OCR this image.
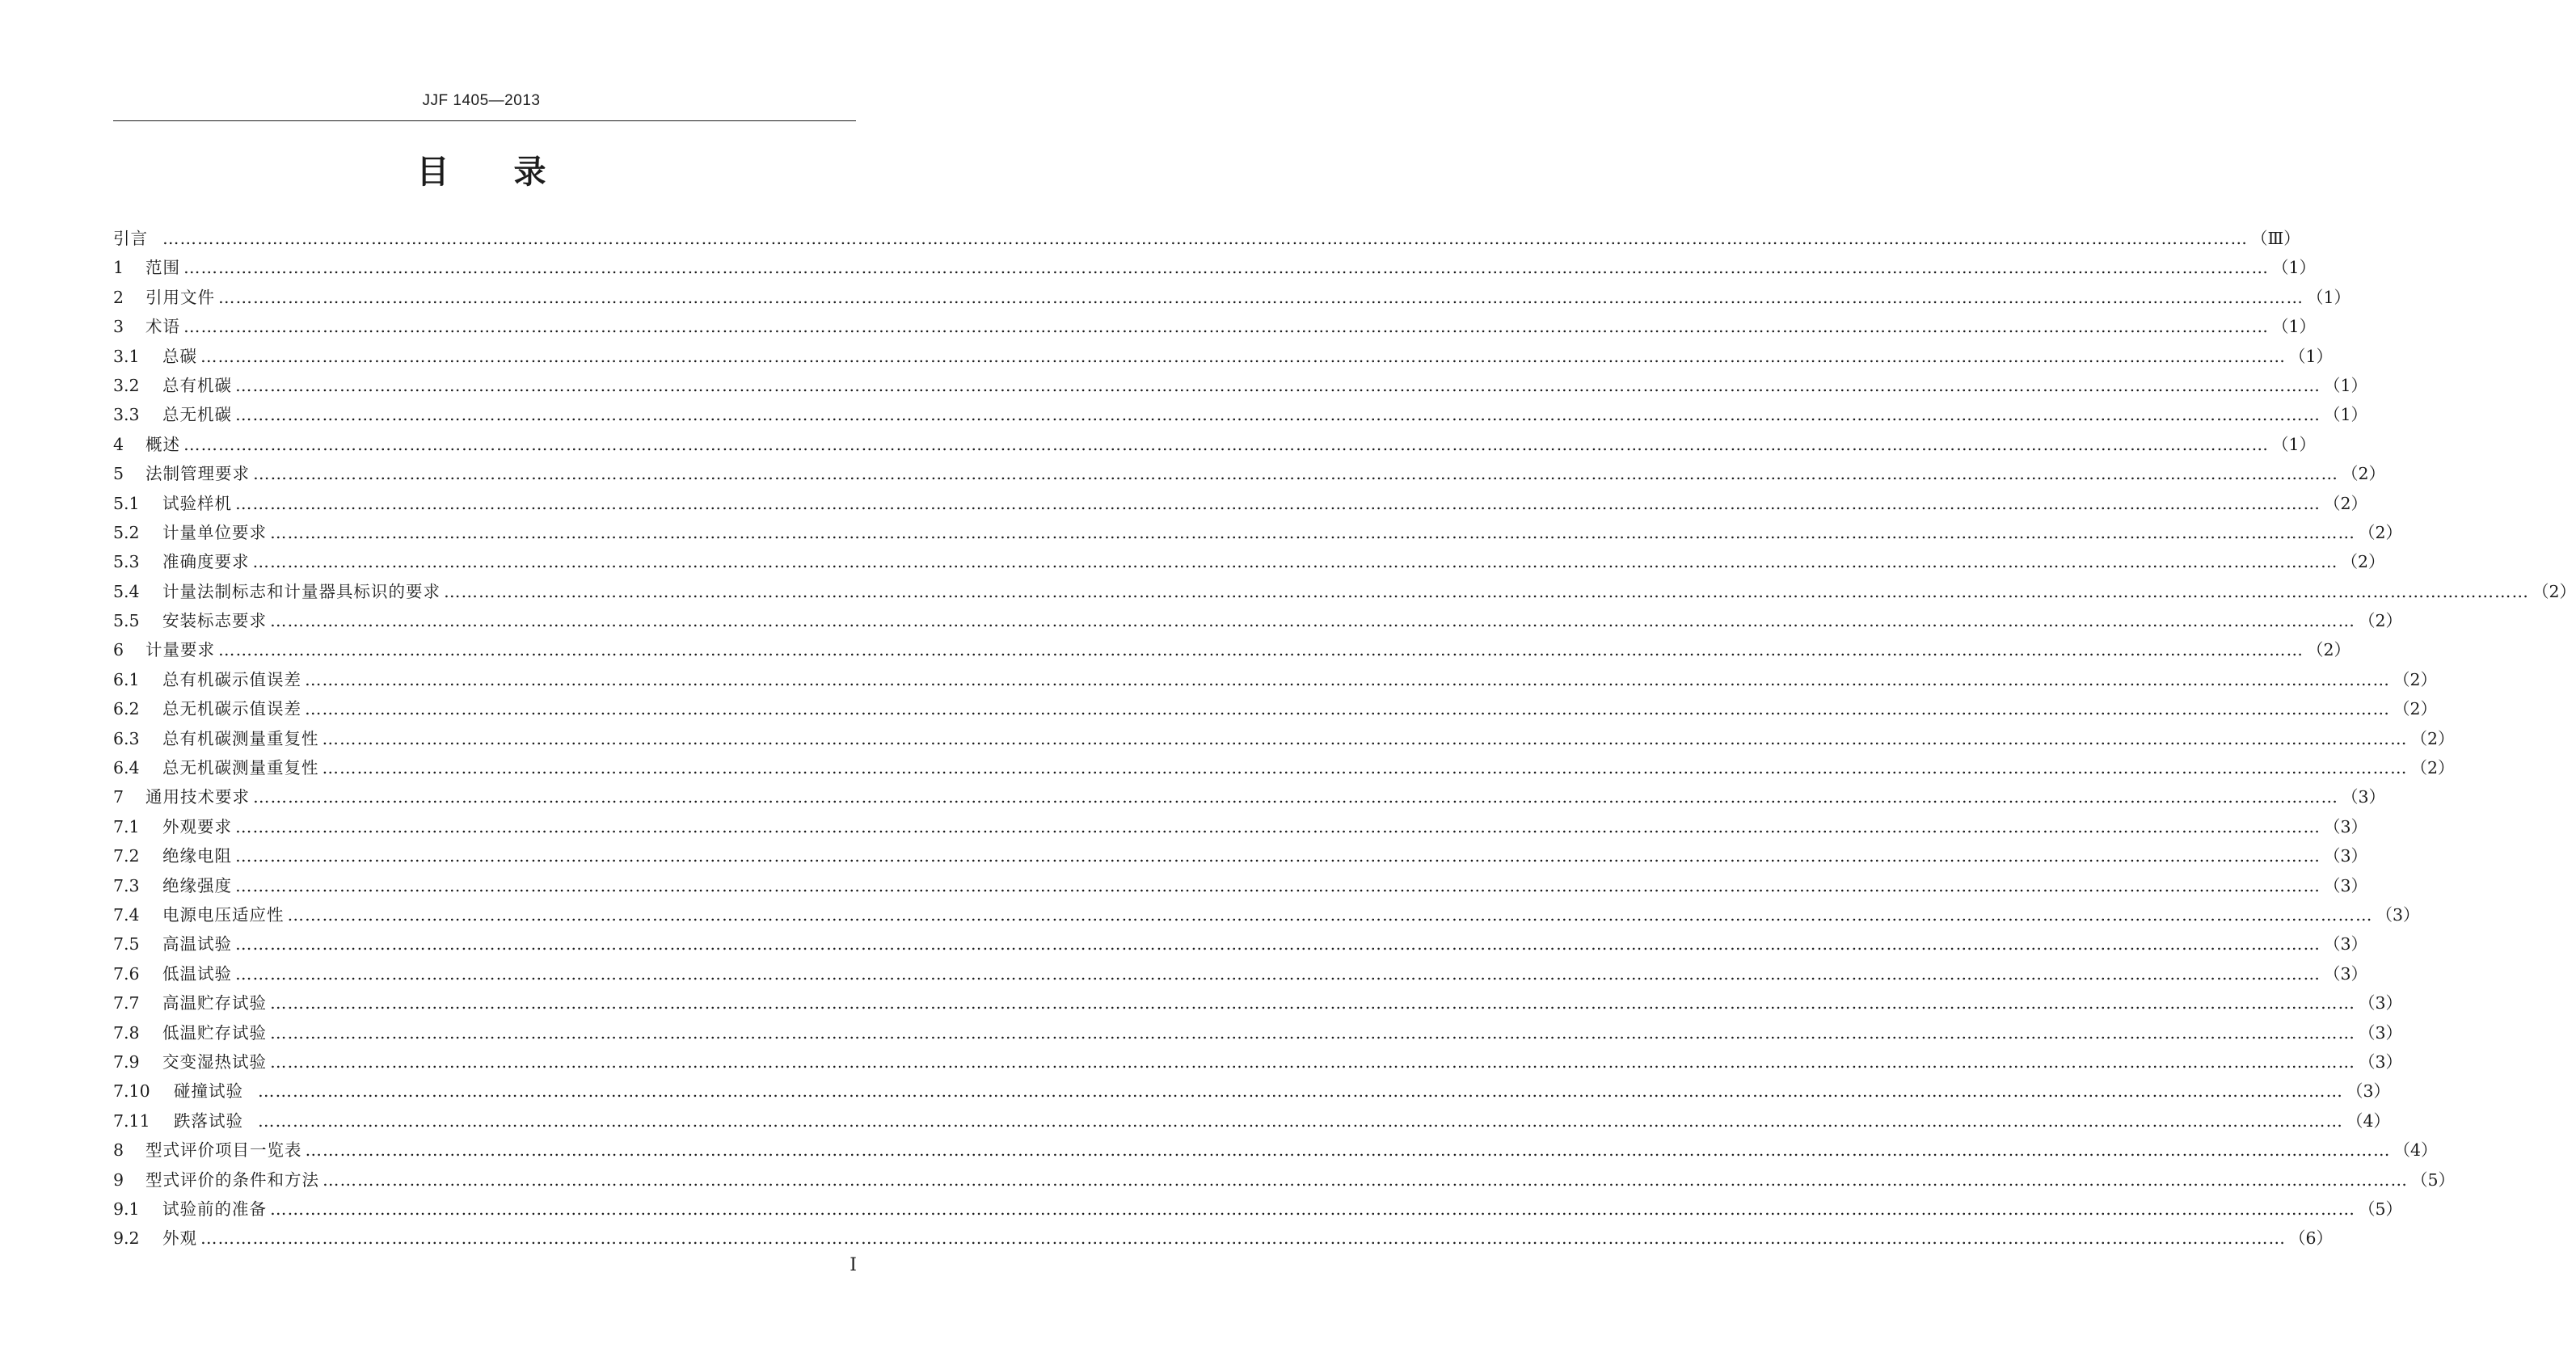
JJF 1405—2013
目　　录
引言 ……………………………………………………………………………………………………………………………………………………………………………………………………………………………………………………………………………………………………………………………… （Ⅲ）
1	范围 ……………………………………………………………………………………………………………………………………………………………………………………………………………………………………………………………………………………………………………………………… （1）
2	引用文件 ……………………………………………………………………………………………………………………………………………………………………………………………………………………………………………………………………………………………………………………………… （1）
3	术语 ……………………………………………………………………………………………………………………………………………………………………………………………………………………………………………………………………………………………………………………………… （1）
3.1	总碳 ……………………………………………………………………………………………………………………………………………………………………………………………………………………………………………………………………………………………………………………………… （1）
3.2	总有机碳 ……………………………………………………………………………………………………………………………………………………………………………………………………………………………………………………………………………………………………………………………… （1）
3.3	总无机碳 ……………………………………………………………………………………………………………………………………………………………………………………………………………………………………………………………………………………………………………………………… （1）
4	概述 ……………………………………………………………………………………………………………………………………………………………………………………………………………………………………………………………………………………………………………………………… （1）
5	法制管理要求 ……………………………………………………………………………………………………………………………………………………………………………………………………………………………………………………………………………………………………………………………… （2）
5.1	试验样机 ……………………………………………………………………………………………………………………………………………………………………………………………………………………………………………………………………………………………………………………………… （2）
5.2	计量单位要求 ……………………………………………………………………………………………………………………………………………………………………………………………………………………………………………………………………………………………………………………………… （2）
5.3	准确度要求 ……………………………………………………………………………………………………………………………………………………………………………………………………………………………………………………………………………………………………………………………… （2）
5.4	计量法制标志和计量器具标识的要求 ……………………………………………………………………………………………………………………………………………………………………………………………………………………………………………………………………………………………………………………………… （2）
5.5	安装标志要求 ……………………………………………………………………………………………………………………………………………………………………………………………………………………………………………………………………………………………………………………………… （2）
6	计量要求 ……………………………………………………………………………………………………………………………………………………………………………………………………………………………………………………………………………………………………………………………… （2）
6.1	总有机碳示值误差 ……………………………………………………………………………………………………………………………………………………………………………………………………………………………………………………………………………………………………………………………… （2）
6.2	总无机碳示值误差 ……………………………………………………………………………………………………………………………………………………………………………………………………………………………………………………………………………………………………………………………… （2）
6.3	总有机碳测量重复性 ……………………………………………………………………………………………………………………………………………………………………………………………………………………………………………………………………………………………………………………………… （2）
6.4	总无机碳测量重复性 ……………………………………………………………………………………………………………………………………………………………………………………………………………………………………………………………………………………………………………………………… （2）
7	通用技术要求 ……………………………………………………………………………………………………………………………………………………………………………………………………………………………………………………………………………………………………………………………… （3）
7.1	外观要求 ……………………………………………………………………………………………………………………………………………………………………………………………………………………………………………………………………………………………………………………………… （3）
7.2	绝缘电阻 ……………………………………………………………………………………………………………………………………………………………………………………………………………………………………………………………………………………………………………………………… （3）
7.3	绝缘强度 ……………………………………………………………………………………………………………………………………………………………………………………………………………………………………………………………………………………………………………………………… （3）
7.4	电源电压适应性 ……………………………………………………………………………………………………………………………………………………………………………………………………………………………………………………………………………………………………………………………… （3）
7.5	高温试验 ……………………………………………………………………………………………………………………………………………………………………………………………………………………………………………………………………………………………………………………………… （3）
7.6	低温试验 ……………………………………………………………………………………………………………………………………………………………………………………………………………………………………………………………………………………………………………………………… （3）
7.7	高温贮存试验 ……………………………………………………………………………………………………………………………………………………………………………………………………………………………………………………………………………………………………………………………… （3）
7.8	低温贮存试验 ……………………………………………………………………………………………………………………………………………………………………………………………………………………………………………………………………………………………………………………………… （3）
7.9	交变湿热试验 ……………………………………………………………………………………………………………………………………………………………………………………………………………………………………………………………………………………………………………………………… （3）
7.10	碰撞试验 ……………………………………………………………………………………………………………………………………………………………………………………………………………………………………………………………………………………………………………………………… （3）
7.11	跌落试验 ……………………………………………………………………………………………………………………………………………………………………………………………………………………………………………………………………………………………………………………………… （4）
8	型式评价项目一览表 ……………………………………………………………………………………………………………………………………………………………………………………………………………………………………………………………………………………………………………………………… （4）
9	型式评价的条件和方法 ……………………………………………………………………………………………………………………………………………………………………………………………………………………………………………………………………………………………………………………………… （5）
9.1	试验前的准备 ……………………………………………………………………………………………………………………………………………………………………………………………………………………………………………………………………………………………………………………………… （5）
9.2	外观 ……………………………………………………………………………………………………………………………………………………………………………………………………………………………………………………………………………………………………………………………… （6）
Ⅰ
